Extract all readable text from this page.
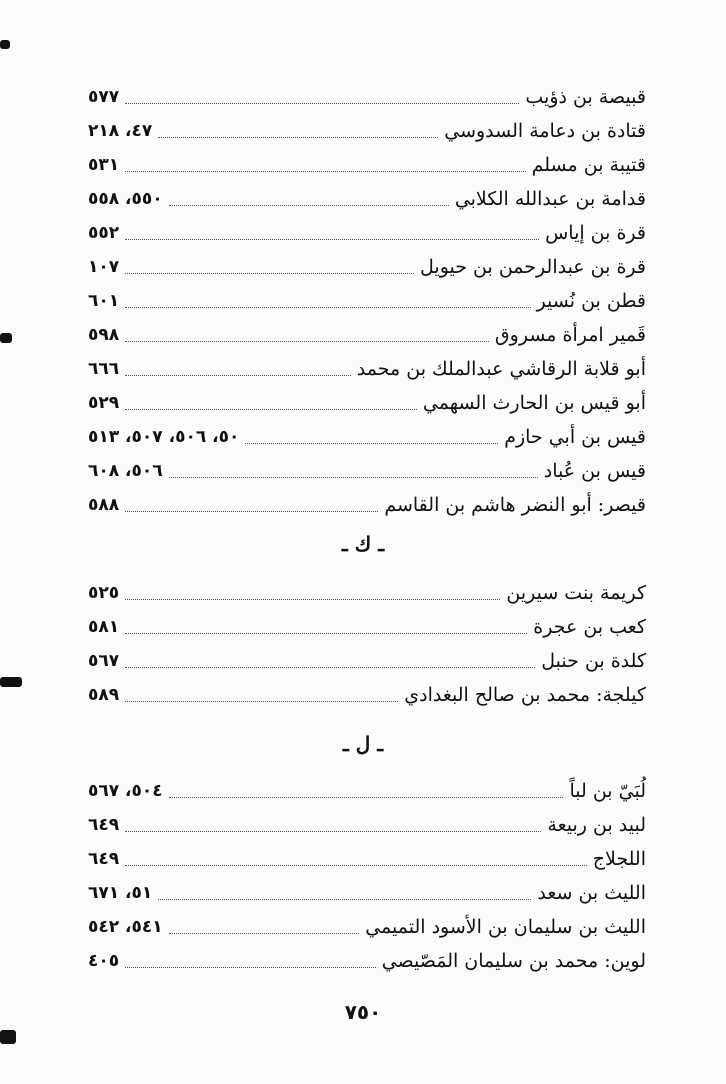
قبيصة بن ذؤيب
٥٧٧
قتادة بن دعامة السدوسي
٤٧، ٢١٨
قتيبة بن مسلم
٥٣١
قدامة بن عبدالله الكلابي
٥٥٠، ٥٥٨
قرة بن إياس
٥٥٢
قرة بن عبدالرحمن بن حيويل
١٠٧
قطن بن نُسير
٦٠١
قَمير امرأة مسروق
٥٩٨
أبو قلابة الرقاشي عبدالملك بن محمد
٦٦٦
أبو قيس بن الحارث السهمي
٥٢٩
قيس بن أبي حازم
٥٠، ٥٠٦، ٥٠٧، ٥١٣
قيس بن عُباد
٥٠٦، ٦٠٨
قيصر: أبو النضر هاشم بن القاسم
٥٨٨
ـ ك ـ
كريمة بنت سيرين
٥٢٥
كعب بن عجرة
٥٨١
كلدة بن حنبل
٥٦٧
كيلجة: محمد بن صالح البغدادي
٥٨٩
ـ ل ـ
لُبَيّ بن لباً
٥٠٤، ٥٦٧
لبيد بن ربيعة
٦٤٩
اللجلاج
٦٤٩
الليث بن سعد
٥١، ٦٧١
الليث بن سليمان بن الأسود التميمي
٥٤١، ٥٤٢
لوين: محمد بن سليمان المَصّيصي
٤٠٥
٧٥٠
